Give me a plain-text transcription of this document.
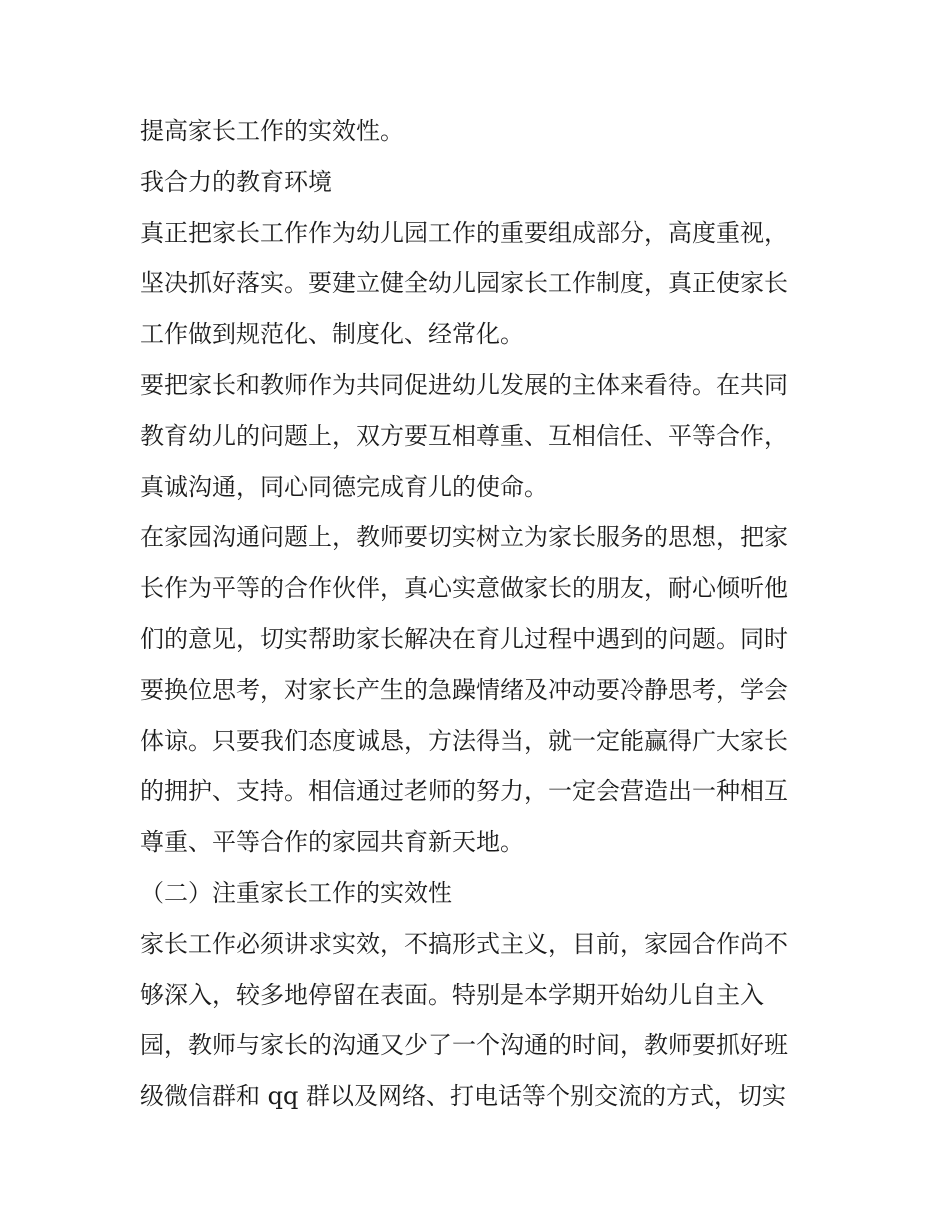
提高家长工作的实效性。
我合力的教育环境
真正把家长工作作为幼儿园工作的重要组成部分，高度重视，
坚决抓好落实。要建立健全幼儿园家长工作制度，真正使家长
工作做到规范化、制度化、经常化。
要把家长和教师作为共同促进幼儿发展的主体来看待。在共同
教育幼儿的问题上，双方要互相尊重、互相信任、平等合作，
真诚沟通，同心同德完成育儿的使命。
在家园沟通问题上，教师要切实树立为家长服务的思想，把家
长作为平等的合作伙伴，真心实意做家长的朋友，耐心倾听他
们的意见，切实帮助家长解决在育儿过程中遇到的问题。同时
要换位思考，对家长产生的急躁情绪及冲动要冷静思考，学会
体谅。只要我们态度诚恳，方法得当，就一定能赢得广大家长
的拥护、支持。相信通过老师的努力，一定会营造出一种相互
尊重、平等合作的家园共育新天地。
（二）注重家长工作的实效性
家长工作必须讲求实效，不搞形式主义，目前，家园合作尚不
够深入，较多地停留在表面。特别是本学期开始幼儿自主入
园，教师与家长的沟通又少了一个沟通的时间，教师要抓好班
级微信群和 qq 群以及网络、打电话等个别交流的方式，切实
